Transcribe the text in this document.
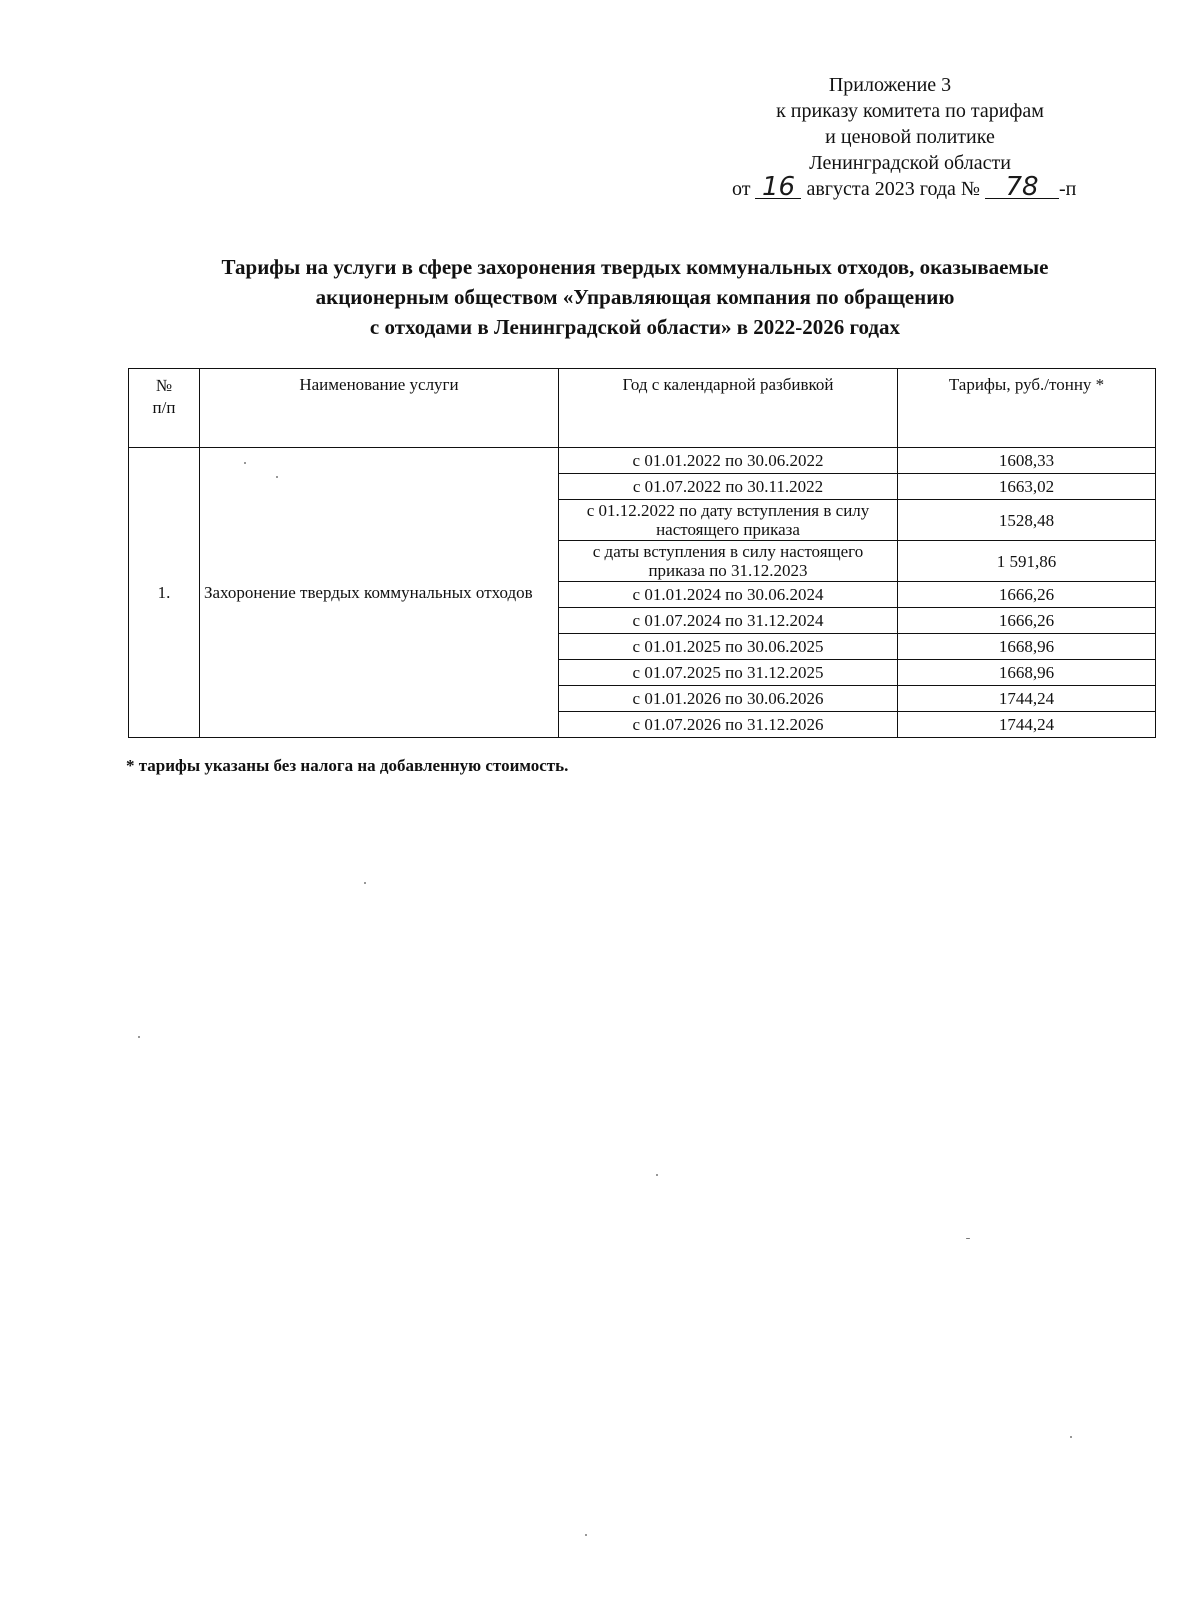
Приложение 3
к приказу комитета по тарифам
и ценовой политике
Ленинградской области
от 16 августа 2023 года № 78 -п
Тарифы на услуги в сфере захоронения твердых коммунальных отходов, оказываемые
акционерным обществом «Управляющая компания по обращению
с отходами в Ленинградской области» в 2022-2026 годах
№
п/п	Наименование услуги	Год с календарной разбивкой	Тарифы, руб./тонну *
1.	Захоронение твердых коммунальных отходов	с 01.01.2022 по 30.06.2022	1608,33
		с 01.07.2022 по 30.11.2022	1663,02
		с 01.12.2022 по дату вступления в силу настоящего приказа	1528,48
		с даты вступления в силу настоящего приказа по 31.12.2023	1 591,86
		с 01.01.2024 по 30.06.2024	1666,26
		с 01.07.2024 по 31.12.2024	1666,26
		с 01.01.2025 по 30.06.2025	1668,96
		с 01.07.2025 по 31.12.2025	1668,96
		с 01.01.2026 по 30.06.2026	1744,24
		с 01.07.2026 по 31.12.2026	1744,24
* тарифы указаны без налога на добавленную стоимость.
